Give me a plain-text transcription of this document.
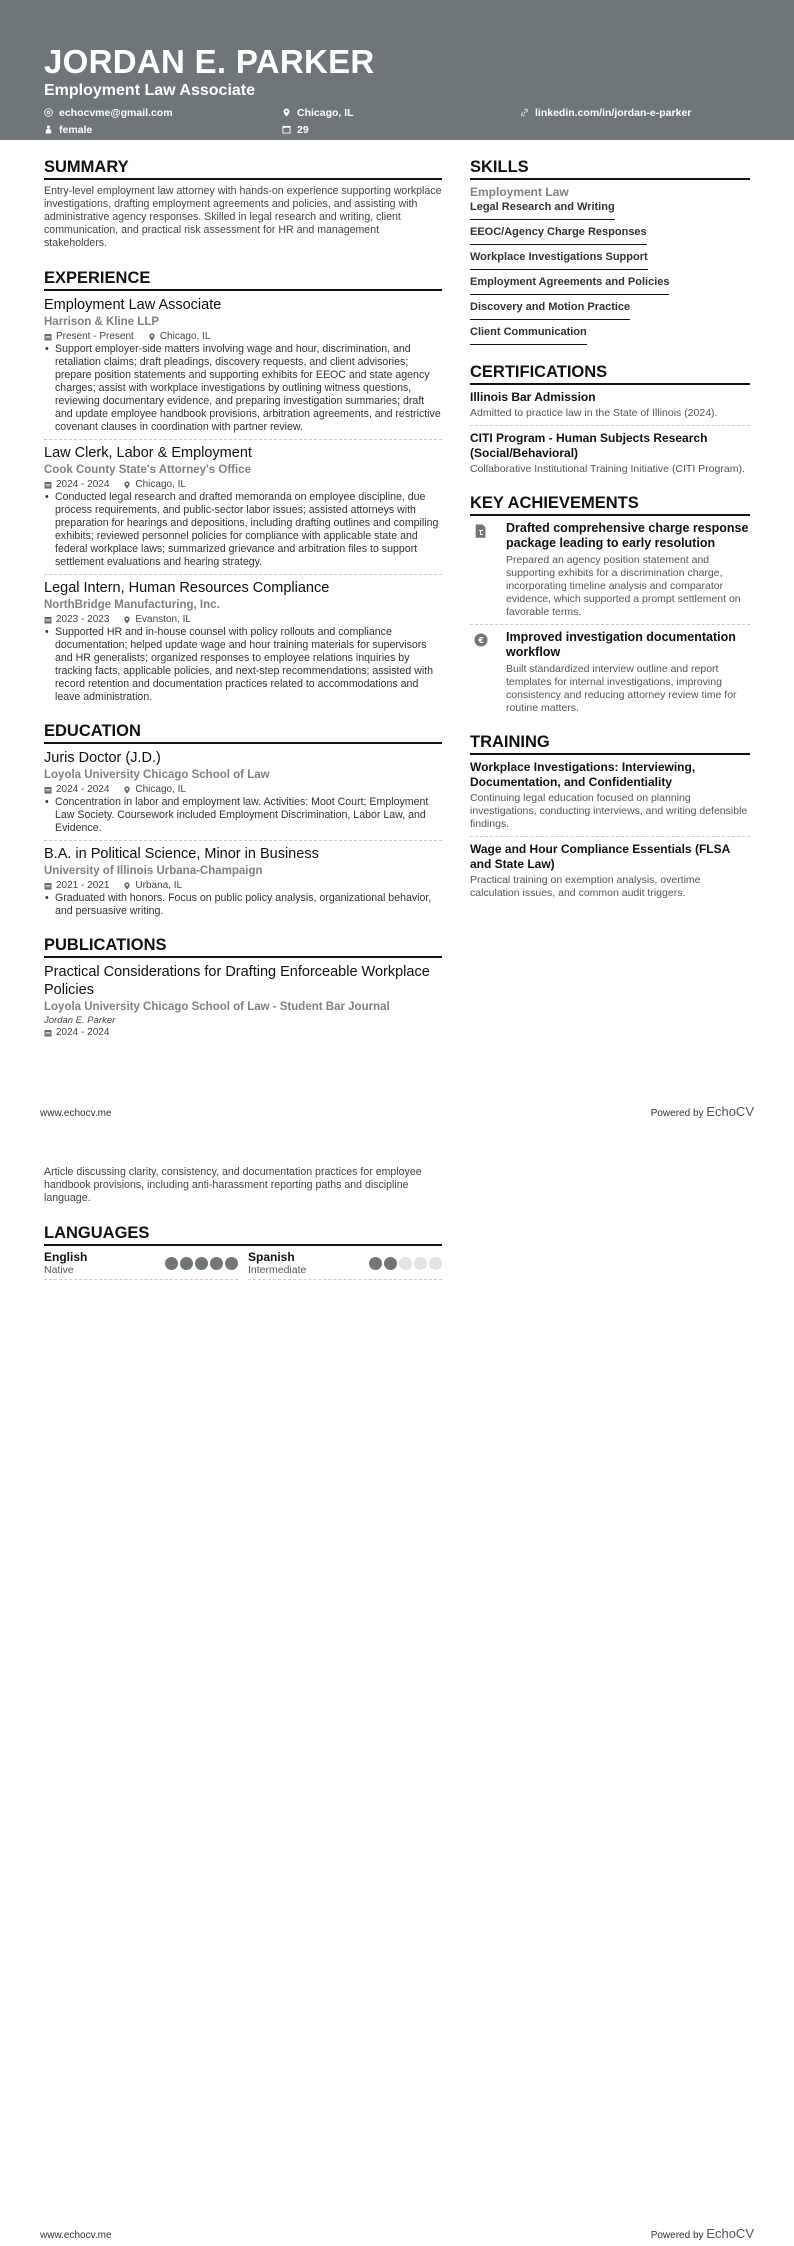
JORDAN E. PARKER
Employment Law Associate
echocvme@gmail.com	Chicago, IL	linkedin.com/in/jordan-e-parker
female	29
SUMMARY

Entry-level employment law attorney with hands-on experience supporting workplace investigations, drafting employment agreements and policies, and assisting with administrative agency responses. Skilled in legal research and writing, client communication, and practical risk assessment for HR and management stakeholders.

EXPERIENCE
Employment Law Associate
Harrison & Kline LLP
Present - Present	Chicago, IL
• Support employer-side matters involving wage and hour, discrimination, and retaliation claims; draft pleadings, discovery requests, and client advisories; prepare position statements and supporting exhibits for EEOC and state agency charges; assist with workplace investigations by outlining witness questions, reviewing documentary evidence, and preparing investigation summaries; draft and update employee handbook provisions, arbitration agreements, and restrictive covenant clauses in coordination with partner review.
Law Clerk, Labor & Employment
Cook County State's Attorney's Office
2024 - 2024	Chicago, IL
• Conducted legal research and drafted memoranda on employee discipline, due process requirements, and public-sector labor issues; assisted attorneys with preparation for hearings and depositions, including drafting outlines and compiling exhibits; reviewed personnel policies for compliance with applicable state and federal workplace laws; summarized grievance and arbitration files to support settlement evaluations and hearing strategy.
Legal Intern, Human Resources Compliance
NorthBridge Manufacturing, Inc.
2023 - 2023	Evanston, IL
• Supported HR and in-house counsel with policy rollouts and compliance documentation; helped update wage and hour training materials for supervisors and HR generalists; organized responses to employee relations inquiries by tracking facts, applicable policies, and next-step recommendations; assisted with record retention and documentation practices related to accommodations and leave administration.
EDUCATION
Juris Doctor (J.D.)
Loyola University Chicago School of Law
2024 - 2024	Chicago, IL
• Concentration in labor and employment law. Activities: Moot Court; Employment Law Society. Coursework included Employment Discrimination, Labor Law, and Evidence.
B.A. in Political Science, Minor in Business
University of Illinois Urbana-Champaign
2021 - 2021	Urbana, IL
• Graduated with honors. Focus on public policy analysis, organizational behavior, and persuasive writing.
PUBLICATIONS
Practical Considerations for Drafting Enforceable Workplace Policies
Loyola University Chicago School of Law - Student Bar Journal
Jordan E. Parker
2024 - 2024
SKILLS
Employment Law
Legal Research and Writing
EEOC/Agency Charge Responses
Workplace Investigations Support
Employment Agreements and Policies
Discovery and Motion Practice
Client Communication
CERTIFICATIONS
Illinois Bar Admission
Admitted to practice law in the State of Illinois (2024).
CITI Program - Human Subjects Research (Social/Behavioral)
Collaborative Institutional Training Initiative (CITI Program).
KEY ACHIEVEMENTS
Drafted comprehensive charge response package leading to early resolution
Prepared an agency position statement and supporting exhibits for a discrimination charge, incorporating timeline analysis and comparator evidence, which supported a prompt settlement on favorable terms.
€ Improved investigation documentation workflow
Built standardized interview outline and report templates for internal investigations, improving consistency and reducing attorney review time for routine matters.
TRAINING
Workplace Investigations: Interviewing, Documentation, and Confidentiality
Continuing legal education focused on planning investigations, conducting interviews, and writing defensible findings.
Wage and Hour Compliance Essentials (FLSA and State Law)
Practical training on exemption analysis, overtime calculation issues, and common audit triggers.
www.echocv.me	Powered by EchoCV

Article discussing clarity, consistency, and documentation practices for employee handbook provisions, including anti-harassment reporting paths and discipline language.

LANGUAGES
English
Native
Spanish
Intermediate
www.echocv.me	Powered by EchoCV
